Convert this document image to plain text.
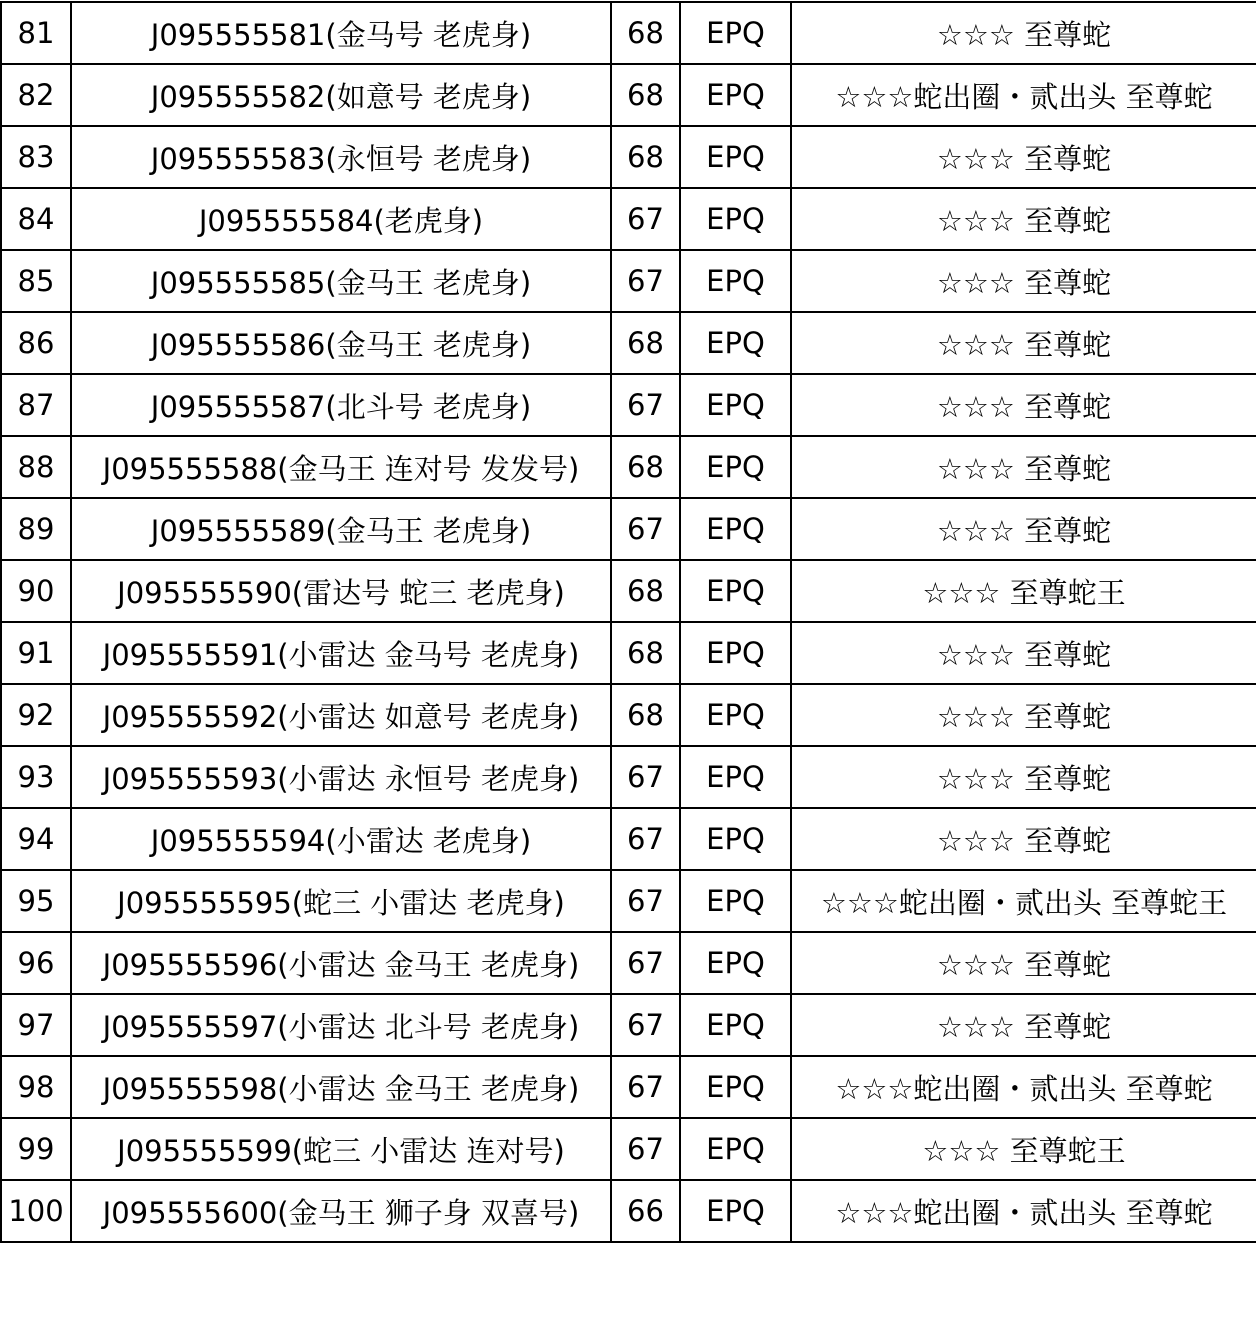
81	J095555581(金马号 老虎身)	68	EPQ	☆☆☆ 至尊蛇
82	J095555582(如意号 老虎身)	68	EPQ	☆☆☆蛇出圈・贰出头 至尊蛇
83	J095555583(永恒号 老虎身)	68	EPQ	☆☆☆ 至尊蛇
84	J095555584(老虎身)	67	EPQ	☆☆☆ 至尊蛇
85	J095555585(金马王 老虎身)	67	EPQ	☆☆☆ 至尊蛇
86	J095555586(金马王 老虎身)	68	EPQ	☆☆☆ 至尊蛇
87	J095555587(北斗号 老虎身)	67	EPQ	☆☆☆ 至尊蛇
88	J095555588(金马王 连对号 发发号)	68	EPQ	☆☆☆ 至尊蛇
89	J095555589(金马王 老虎身)	67	EPQ	☆☆☆ 至尊蛇
90	J095555590(雷达号 蛇三 老虎身)	68	EPQ	☆☆☆ 至尊蛇王
91	J095555591(小雷达 金马号 老虎身)	68	EPQ	☆☆☆ 至尊蛇
92	J095555592(小雷达 如意号 老虎身)	68	EPQ	☆☆☆ 至尊蛇
93	J095555593(小雷达 永恒号 老虎身)	67	EPQ	☆☆☆ 至尊蛇
94	J095555594(小雷达 老虎身)	67	EPQ	☆☆☆ 至尊蛇
95	J095555595(蛇三 小雷达 老虎身)	67	EPQ	☆☆☆蛇出圈・贰出头 至尊蛇王
96	J095555596(小雷达 金马王 老虎身)	67	EPQ	☆☆☆ 至尊蛇
97	J095555597(小雷达 北斗号 老虎身)	67	EPQ	☆☆☆ 至尊蛇
98	J095555598(小雷达 金马王 老虎身)	67	EPQ	☆☆☆蛇出圈・贰出头 至尊蛇
99	J095555599(蛇三 小雷达 连对号)	67	EPQ	☆☆☆ 至尊蛇王
100	J095555600(金马王 狮子身 双喜号)	66	EPQ	☆☆☆蛇出圈・贰出头 至尊蛇
